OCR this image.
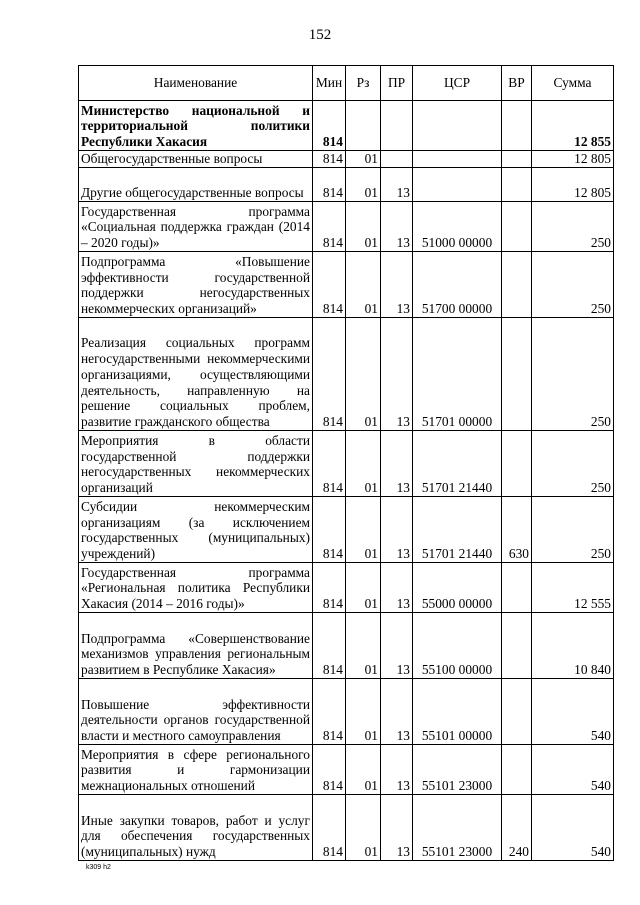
152
Наименование	Мин	Рз	ПР	ЦСР	ВР	Сумма
Министерство национальной и территориальной политики Республики Хакасия	814					12 855
Общегосударственные вопросы	814	01				12 805
Другие общегосударственные вопросы	814	01	13			12 805
Государственная программа «Социальная поддержка граждан (2014 – 2020 годы)»	814	01	13	51000 00000		250
Подпрограмма «Повышение эффективности государственной поддержки негосударственных некоммерческих организаций»	814	01	13	51700 00000		250
Реализация социальных программ негосударственными некоммерческими организациями, осуществляющими деятельность, направленную на решение социальных проблем, развитие гражданского общества	814	01	13	51701 00000		250
Мероприятия в области государственной поддержки негосударственных некоммерческих организаций	814	01	13	51701 21440		250
Субсидии некоммерческим организациям (за исключением государственных (муниципальных) учреждений)	814	01	13	51701 21440	630	250
Государственная программа «Региональная политика Республики Хакасия (2014 – 2016 годы)»	814	01	13	55000 00000		12 555
Подпрограмма «Совершенствование механизмов управления региональным развитием в Республике Хакасия»	814	01	13	55100 00000		10 840
Повышение эффективности деятельности органов государственной власти и местного самоуправления	814	01	13	55101 00000		540
Мероприятия в сфере регионального развития и гармонизации межнациональных отношений	814	01	13	55101 23000		540
Иные закупки товаров, работ и услуг для обеспечения государственных (муниципальных) нужд	814	01	13	55101 23000	240	540
k309 h2
